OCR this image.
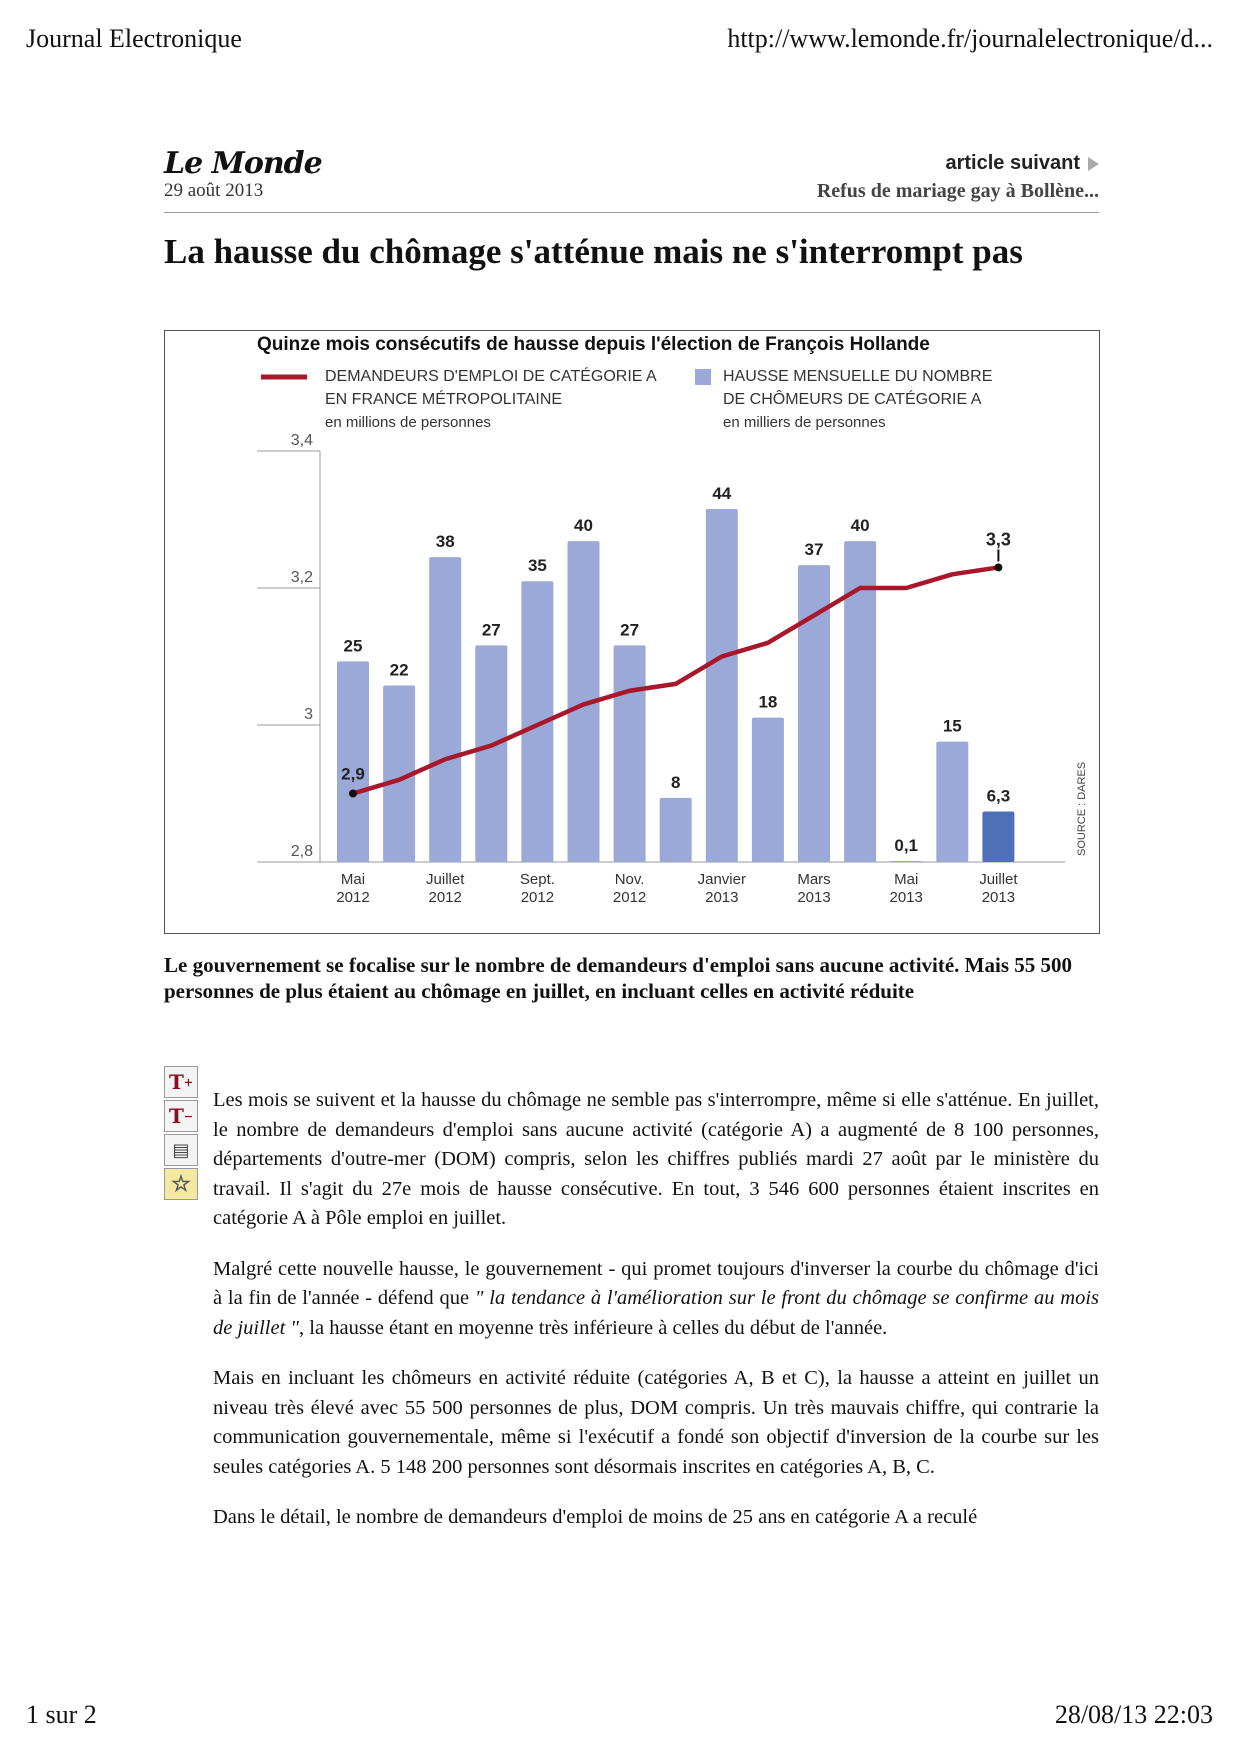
Journal Electronique	http://www.lemonde.fr/journalelectronique/d...
Le Monde
29 août 2013
article suivant
Refus de mariage gay à Bollène...
La hausse du chômage s'atténue mais ne s'interrompt pas
Quinze mois consécutifs de hausse depuis l'élection de François Hollande
DEMANDEURS D'EMPLOI DE CATÉGORIE A
EN FRANCE MÉTROPOLITAINE
en millions de personnes
HAUSSE MENSUELLE DU NOMBRE
DE CHÔMEURS DE CATÉGORIE A
en milliers de personnes
2,8
3
3,2
3,4
25
22
38
27
35
40
27
8
44
18
37
40
0,1
15
6,3
2,9
3,3
Mai
2012
Juillet
2012
Sept.
2012
Nov.
2012
Janvier
2013
Mars
2013
Mai
2013
Juillet
2013
SOURCE : DARES
Le gouvernement se focalise sur le nombre de demandeurs d'emploi sans aucune activité. Mais 55 500 personnes de plus étaient au chômage en juillet, en incluant celles en activité réduite
T +
T −
▤
☆

Les mois se suivent et la hausse du chômage ne semble pas s'interrompre, même si elle s'atténue. En juillet, le nombre de demandeurs d'emploi sans aucune activité (catégorie A) a augmenté de 8 100 personnes, départements d'outre-mer (DOM) compris, selon les chiffres publiés mardi 27 août par le ministère du travail. Il s'agit du 27e mois de hausse consécutive. En tout, 3 546 600 personnes étaient inscrites en catégorie A à Pôle emploi en juillet.

Malgré cette nouvelle hausse, le gouvernement - qui promet toujours d'inverser la courbe du chômage d'ici à la fin de l'année - défend que " la tendance à l'amélioration sur le front du chômage se confirme au mois de juillet ", la hausse étant en moyenne très inférieure à celles du début de l'année.

Mais en incluant les chômeurs en activité réduite (catégories A, B et C), la hausse a atteint en juillet un niveau très élevé avec 55 500 personnes de plus, DOM compris. Un très mauvais chiffre, qui contrarie la communication gouvernementale, même si l'exécutif a fondé son objectif d'inversion de la courbe sur les seules catégories A. 5 148 200 personnes sont désormais inscrites en catégories A, B, C.

Dans le détail, le nombre de demandeurs d'emploi de moins de 25 ans en catégorie A a reculé

1 sur 2	28/08/13 22:03
